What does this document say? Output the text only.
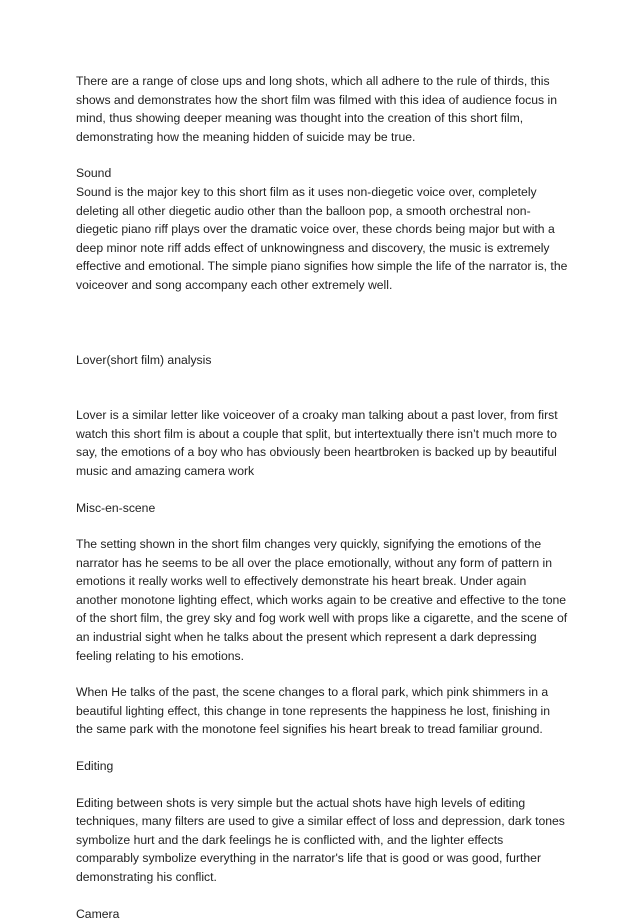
There are a range of close ups and long shots, which all adhere to the rule of thirds, this shows and demonstrates how the short film was filmed with this idea of audience focus in mind, thus showing deeper meaning was thought into the creation of this short film, demonstrating how the meaning hidden of suicide may be true.

Sound

Sound is the major key to this short film as it uses non-diegetic voice over, completely deleting all other diegetic audio other than the balloon pop, a smooth orchestral non-diegetic piano riff plays over the dramatic voice over, these chords being major but with a deep minor note riff adds effect of unknowingness and discovery, the music is extremely effective and emotional. The simple piano signifies how simple the life of the narrator is, the voiceover and song accompany each other extremely well.

Lover(short film) analysis

Lover is a similar letter like voiceover of a croaky man talking about a past lover, from first watch this short film is about a couple that split, but intertextually there isn’t much more to say, the emotions of a boy who has obviously been heartbroken is backed up by beautiful music and amazing camera work

Misc-en-scene

The setting shown in the short film changes very quickly, signifying the emotions of the narrator has he seems to be all over the place emotionally, without any form of pattern in emotions it really works well to effectively demonstrate his heart break. Under again another monotone lighting effect, which works again to be creative and effective to the tone of the short film, the grey sky and fog work well with props like a cigarette, and the scene of an industrial sight when he talks about the present which represent a dark depressing feeling relating to his emotions.

When He talks of the past, the scene changes to a floral park, which pink shimmers in a beautiful lighting effect, this change in tone represents the happiness he lost, finishing in the same park with the monotone feel signifies his heart break to tread familiar ground.

Editing

Editing between shots is very simple but the actual shots have high levels of editing techniques, many filters are used to give a similar effect of loss and depression, dark tones symbolize hurt and the dark feelings he is conflicted with, and the lighter effects comparably symbolize everything in the narrator's life that is good or was good, further demonstrating his conflict.

Camera
